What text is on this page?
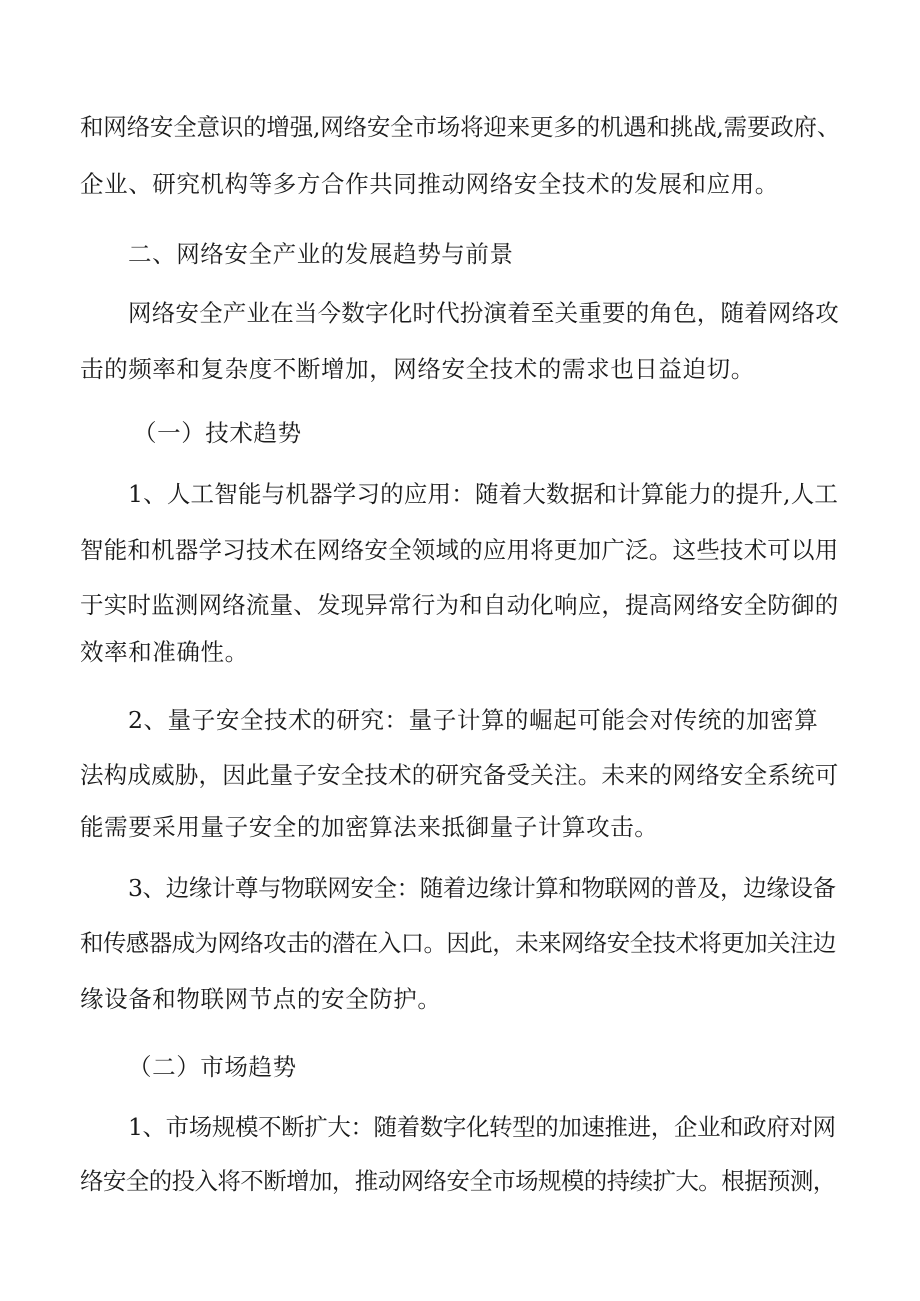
和网络安全意识的增强,网络安全市场将迎来更多的机遇和挑战,需要政府、
企业、研究机构等多方合作共同推动网络安全技术的发展和应用。
二、网络安全产业的发展趋势与前景
网络安全产业在当今数字化时代扮演着至关重要的角色，随着网络攻
击的频率和复杂度不断增加，网络安全技术的需求也日益迫切。
（一）技术趋势
1、人工智能与机器学习的应用：随着大数据和计算能力的提升,人工
智能和机器学习技术在网络安全领域的应用将更加广泛。这些技术可以用
于实时监测网络流量、发现异常行为和自动化响应，提高网络安全防御的
效率和准确性。
2、量子安全技术的研究：量子计算的崛起可能会对传统的加密算
法构成威胁，因此量子安全技术的研究备受关注。未来的网络安全系统可
能需要采用量子安全的加密算法来抵御量子计算攻击。
3、边缘计尊与物联网安全：随着边缘计算和物联网的普及，边缘设备
和传感器成为网络攻击的潜在入口。因此，未来网络安全技术将更加关注边
缘设备和物联网节点的安全防护。
（二）市场趋势
1、市场规模不断扩大：随着数字化转型的加速推进，企业和政府对网
络安全的投入将不断增加，推动网络安全市场规模的持续扩大。根据预测，
